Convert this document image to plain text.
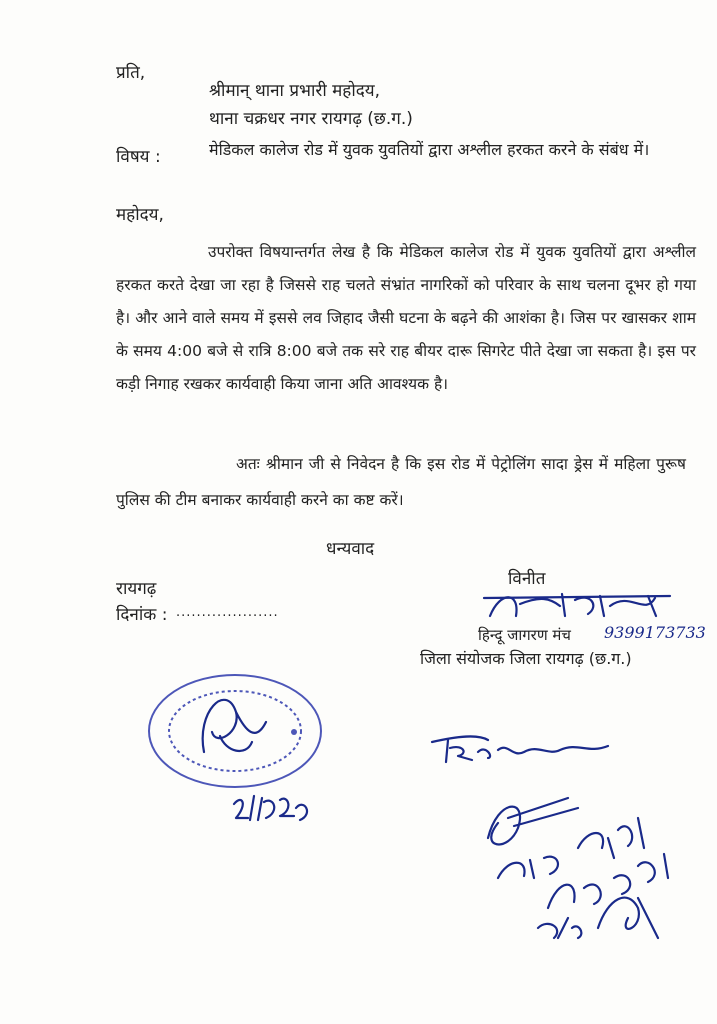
प्रति,
श्रीमान् थाना प्रभारी महोदय,
थाना चक्रधर नगर रायगढ़ (छ.ग.)
विषय :	मेडिकल कालेज रोड में युवक युवतियों द्वारा अश्लील हरकत करने के संबंध में।
महोदय,
उपरोक्त विषयान्तर्गत लेख है कि मेडिकल कालेज रोड में युवक युवतियों द्वारा अश्लील हरकत करते देखा जा रहा है जिससे राह चलते संभ्रांत नागरिकों को परिवार के साथ चलना दूभर हो गया है। और आने वाले समय में इससे लव जिहाद जैसी घटना के बढ़ने की आशंका है। जिस पर खासकर शाम के समय 4:00 बजे से रात्रि 8:00 बजे तक सरे राह बीयर दारू सिगरेट पीते देखा जा सकता है। इस पर कड़ी निगाह रखकर कार्यवाही किया जाना अति आवश्यक है।
अतः श्रीमान जी से निवेदन है कि इस रोड में पेट्रोलिंग सादा ड्रेस में महिला पुरूष पुलिस की टीम बनाकर कार्यवाही करने का कष्ट करें।
धन्यवाद
विनीत
रायगढ़
दिनांक : ....................
हिन्दू जागरण मंच 9399173733
जिला संयोजक जिला रायगढ़ (छ.ग.)
